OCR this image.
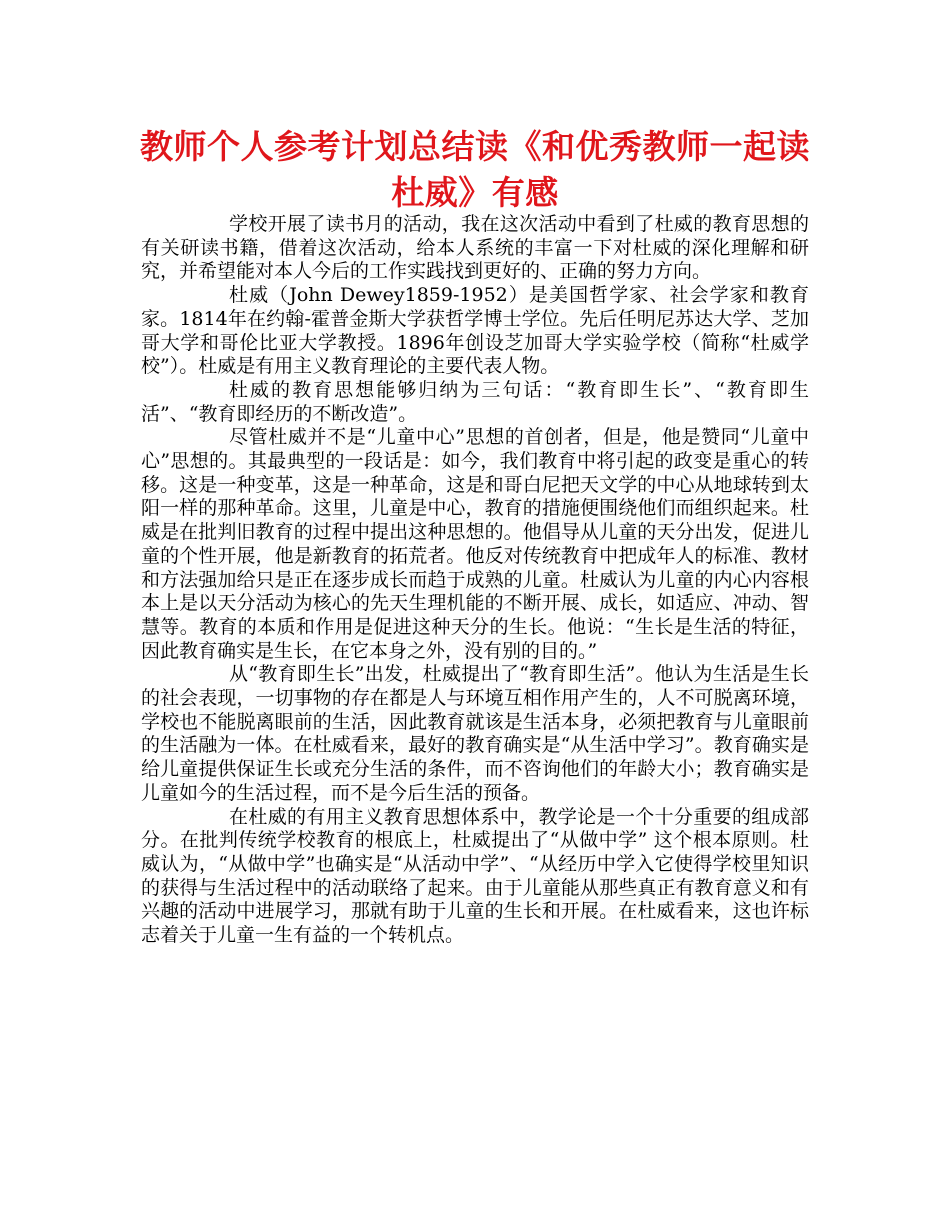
教师个人参考计划总结读《和优秀教师一起读杜威》有感

学校开展了读书月的活动，我在这次活动中看到了杜威的教育思想的有关研读书籍，借着这次活动，给本人系统的丰富一下对杜威的深化理解和研究，并希望能对本人今后的工作实践找到更好的、正确的努力方向。

杜威（John Dewey1859-1952）是美国哲学家、社会学家和教育家。1814年在约翰-霍普金斯大学获哲学博士学位。先后任明尼苏达大学、芝加哥大学和哥伦比亚大学教授。1896年创设芝加哥大学实验学校（简称“杜威学校”）。杜威是有用主义教育理论的主要代表人物。

杜威的教育思想能够归纳为三句话：“教育即生长”、“教育即生活”、“教育即经历的不断改造”。

尽管杜威并不是“儿童中心”思想的首创者，但是，他是赞同“儿童中心”思想的。其最典型的一段话是：如今，我们教育中将引起的政变是重心的转移。这是一种变革，这是一种革命，这是和哥白尼把天文学的中心从地球转到太阳一样的那种革命。这里，儿童是中心，教育的措施便围绕他们而组织起来。杜威是在批判旧教育的过程中提出这种思想的。他倡导从儿童的天分出发，促进儿童的个性开展，他是新教育的拓荒者。他反对传统教育中把成年人的标准、教材和方法强加给只是正在逐步成长而趋于成熟的儿童。杜威认为儿童的内心内容根本上是以天分活动为核心的先天生理机能的不断开展、成长，如适应、冲动、智慧等。教育的本质和作用是促进这种天分的生长。他说：“生长是生活的特征，因此教育确实是生长，在它本身之外，没有别的目的。”

从“教育即生长”出发，杜威提出了“教育即生活”。他认为生活是生长的社会表现，一切事物的存在都是人与环境互相作用产生的，人不可脱离环境，学校也不能脱离眼前的生活，因此教育就该是生活本身，必须把教育与儿童眼前的生活融为一体。在杜威看来，最好的教育确实是“从生活中学习”。教育确实是给儿童提供保证生长或充分生活的条件，而不咨询他们的年龄大小；教育确实是儿童如今的生活过程，而不是今后生活的预备。

在杜威的有用主义教育思想体系中，教学论是一个十分重要的组成部分。在批判传统学校教育的根底上，杜威提出了“从做中学” 这个根本原则。杜威认为，“从做中学”也确实是“从活动中学”、“从经历中学入它使得学校里知识的获得与生活过程中的活动联络了起来。由于儿童能从那些真正有教育意义和有兴趣的活动中进展学习，那就有助于儿童的生长和开展。在杜威看来，这也许标志着关于儿童一生有益的一个转机点。
